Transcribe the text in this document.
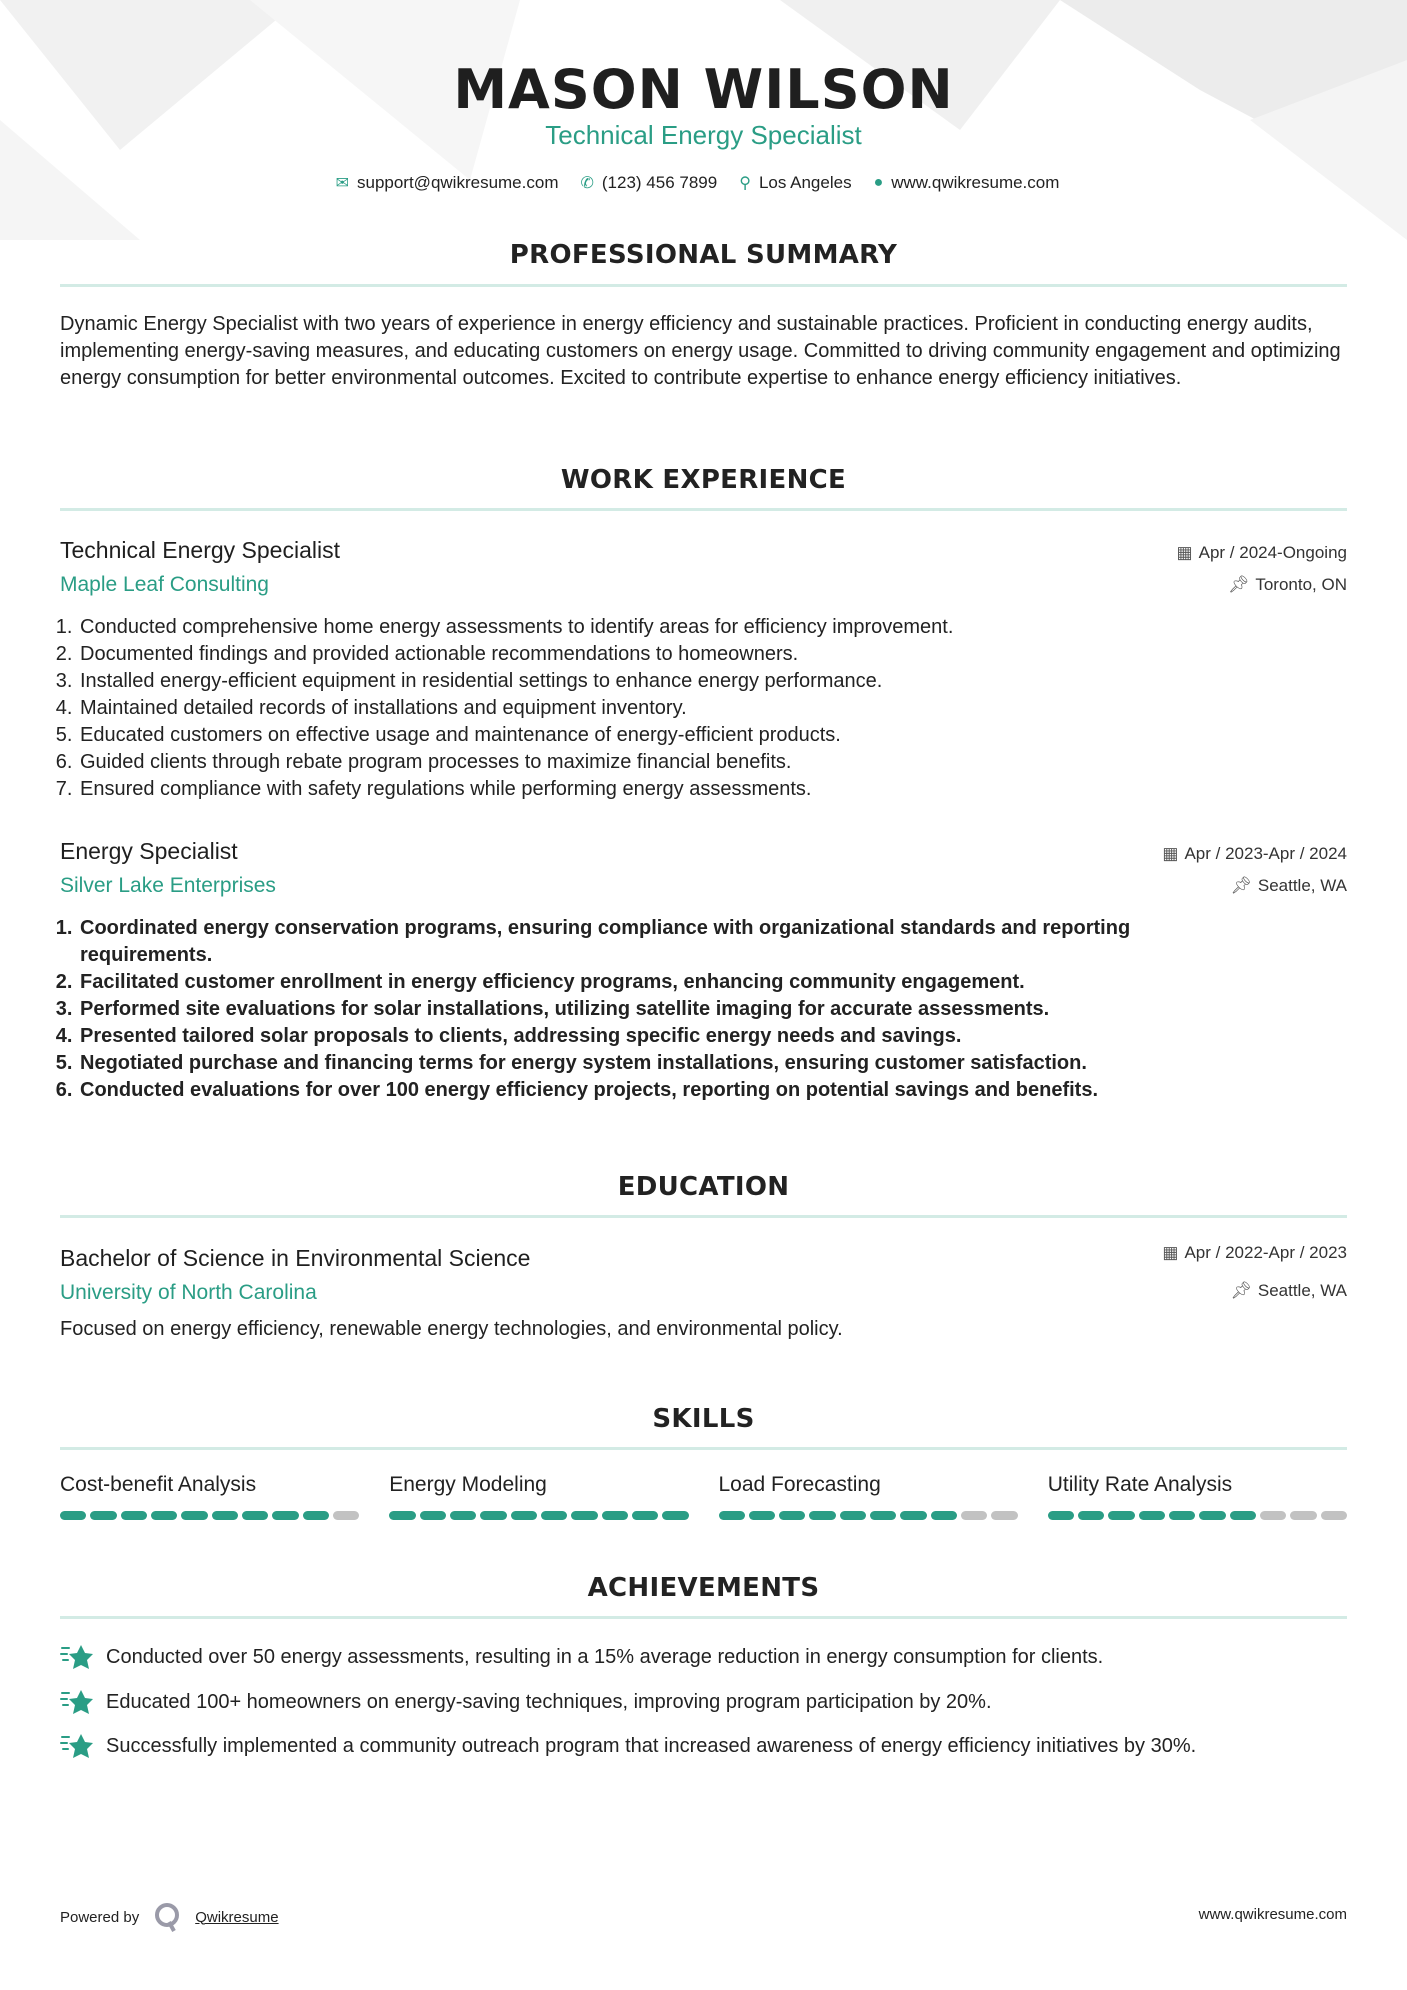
MASON WILSON
Technical Energy Specialist
✉ support@qwikresume.com ✆ (123) 456 7899 ⚲ Los Angeles ● www.qwikresume.com
PROFESSIONAL SUMMARY
Dynamic Energy Specialist with two years of experience in energy efficiency and sustainable practices. Proficient in conducting energy audits, implementing energy-saving measures, and educating customers on energy usage. Committed to driving community engagement and optimizing energy consumption for better environmental outcomes. Excited to contribute expertise to enhance energy efficiency initiatives.
WORK EXPERIENCE
Technical Energy Specialist
Maple Leaf Consulting
▦ Apr / 2024-Ongoing
📌︎ Toronto, ON
1. Conducted comprehensive home energy assessments to identify areas for efficiency improvement.
2. Documented findings and provided actionable recommendations to homeowners.
3. Installed energy-efficient equipment in residential settings to enhance energy performance.
4. Maintained detailed records of installations and equipment inventory.
5. Educated customers on effective usage and maintenance of energy-efficient products.
6. Guided clients through rebate program processes to maximize financial benefits.
7. Ensured compliance with safety regulations while performing energy assessments.
Energy Specialist
Silver Lake Enterprises
▦ Apr / 2023-Apr / 2024
📌︎ Seattle, WA
1. Coordinated energy conservation programs, ensuring compliance with organizational standards and reporting requirements.
2. Facilitated customer enrollment in energy efficiency programs, enhancing community engagement.
3. Performed site evaluations for solar installations, utilizing satellite imaging for accurate assessments.
4. Presented tailored solar proposals to clients, addressing specific energy needs and savings.
5. Negotiated purchase and financing terms for energy system installations, ensuring customer satisfaction.
6. Conducted evaluations for over 100 energy efficiency projects, reporting on potential savings and benefits.
EDUCATION
Bachelor of Science in Environmental Science
University of North Carolina
▦ Apr / 2022-Apr / 2023
📌︎ Seattle, WA
Focused on energy efficiency, renewable energy technologies, and environmental policy.
SKILLS
Cost-benefit Analysis	Energy Modeling	Load Forecasting	Utility Rate Analysis
ACHIEVEMENTS
Conducted over 50 energy assessments, resulting in a 15% average reduction in energy consumption for clients.
Educated 100+ homeowners on energy-saving techniques, improving program participation by 20%.
Successfully implemented a community outreach program that increased awareness of energy efficiency initiatives by 30%.
Powered by	Qwikresume	www.qwikresume.com
